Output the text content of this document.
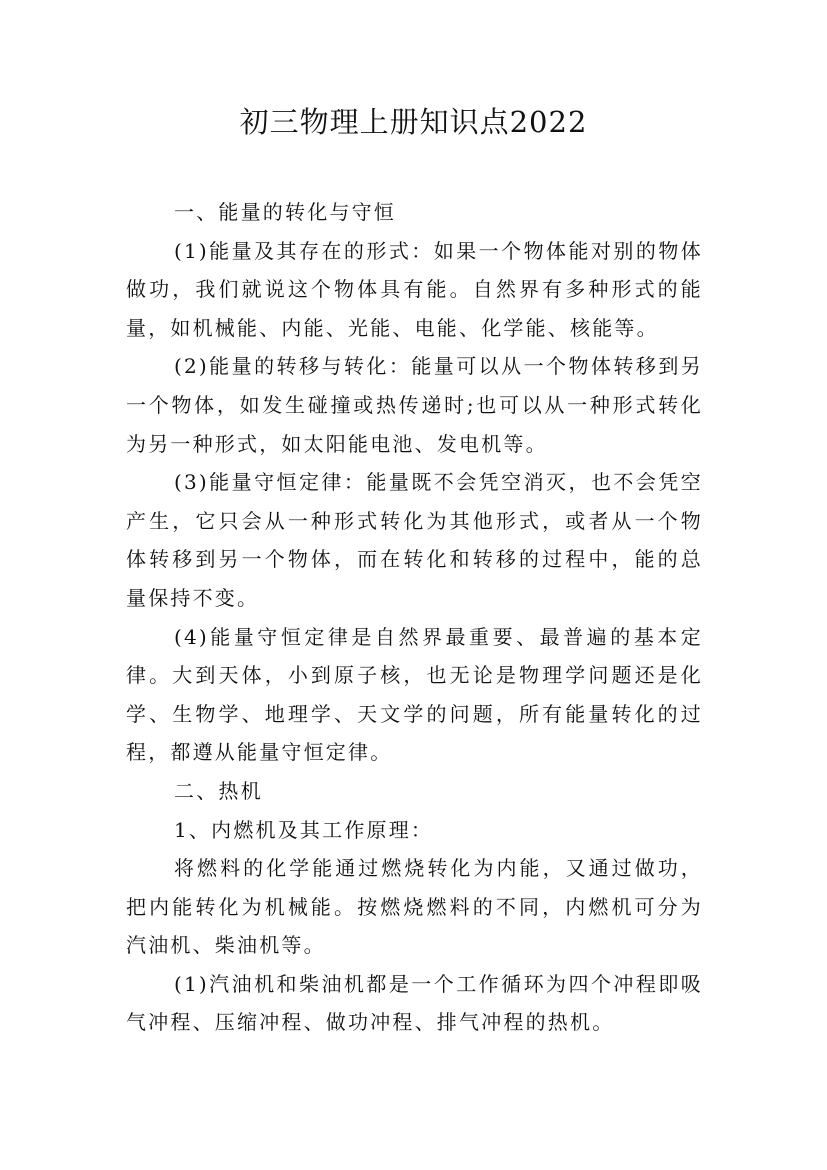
初三物理上册知识点2022

一、能量的转化与守恒

(1)能量及其存在的形式：如果一个物体能对别的物体做功，我们就说这个物体具有能。自然界有多种形式的能量，如机械能、内能、光能、电能、化学能、核能等。

(2)能量的转移与转化：能量可以从一个物体转移到另一个物体，如发生碰撞或热传递时;也可以从一种形式转化为另一种形式，如太阳能电池、发电机等。

(3)能量守恒定律：能量既不会凭空消灭，也不会凭空产生，它只会从一种形式转化为其他形式，或者从一个物体转移到另一个物体，而在转化和转移的过程中，能的总量保持不变。

(4)能量守恒定律是自然界最重要、最普遍的基本定律。大到天体，小到原子核，也无论是物理学问题还是化学、生物学、地理学、天文学的问题，所有能量转化的过程，都遵从能量守恒定律。

二、热机

1、内燃机及其工作原理：

将燃料的化学能通过燃烧转化为内能，又通过做功，把内能转化为机械能。按燃烧燃料的不同，内燃机可分为汽油机、柴油机等。

(1)汽油机和柴油机都是一个工作循环为四个冲程即吸气冲程、压缩冲程、做功冲程、排气冲程的热机。
